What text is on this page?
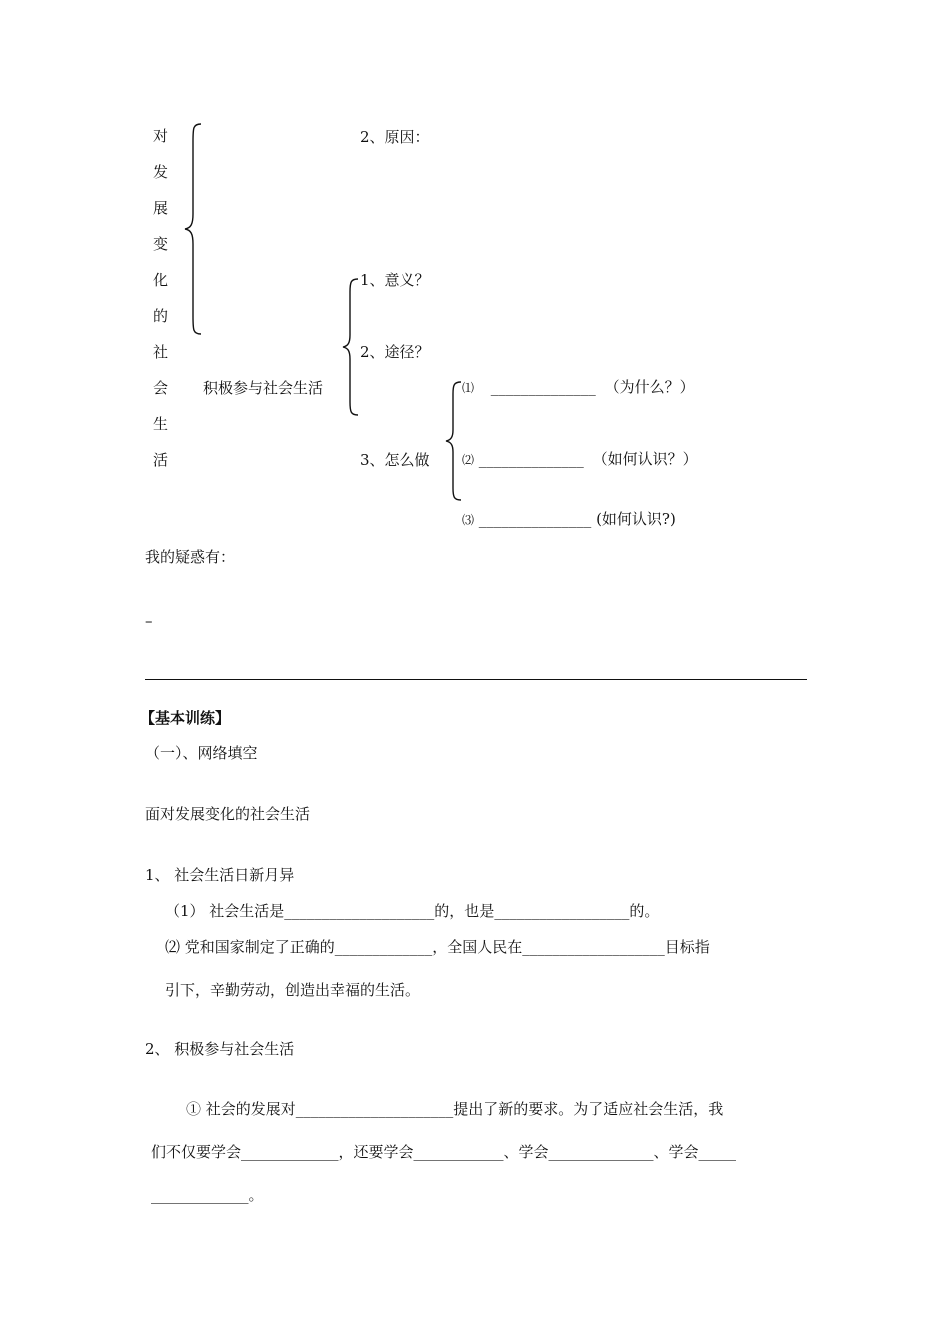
对
发
展
变
化
的
社
会
生
活
2、原因：
积极参与社会生活
1、意义？
2、途径？
3、怎么做
⑴ ______________ （为什么？）
⑵ ______________ （如何认识？）
⑶ _______________ (如何认识?)
我的疑惑有：
–
【基本训练】
（一）、网络填空
面对发展变化的社会生活
1、 社会生活日新月异
（1） 社会生活是____________________的，也是__________________的。
⑵ 党和国家制定了正确的_____________，全国人民在___________________目标指
引下，辛勤劳动，创造出幸福的生活。
2、 积极参与社会生活
① 社会的发展对_____________________提出了新的要求。为了适应社会生活，我
们不仅要学会_____________，还要学会____________、学会______________、学会_____
_____________。
